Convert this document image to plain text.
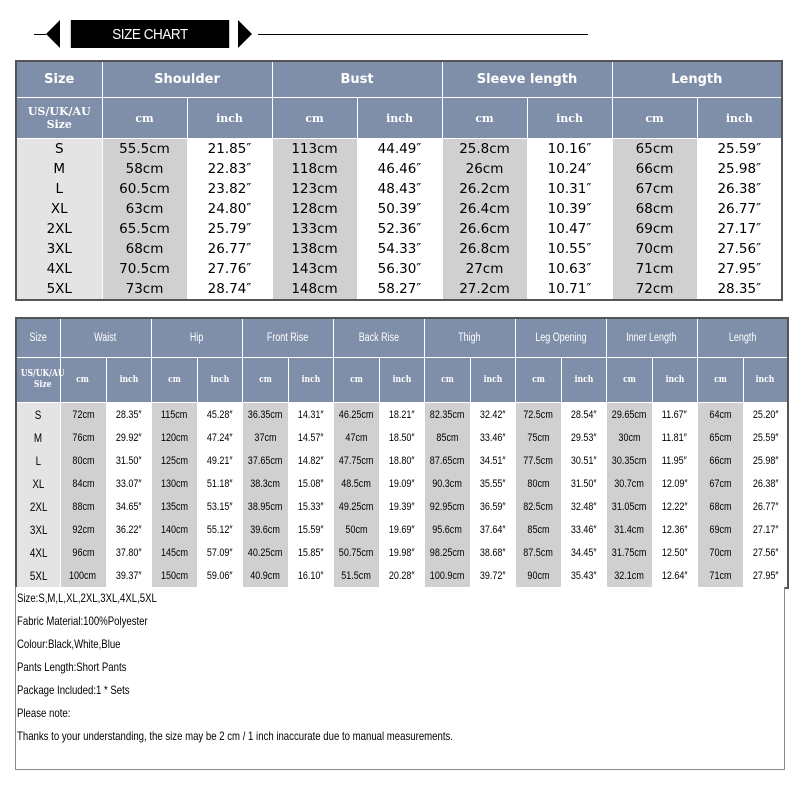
SIZE CHART
Size	Shoulder		Bust		Sleeve length		Length	
US/UK/AU Size	cm	inch	cm	inch	cm	inch	cm	inch
S	55.5cm	21.85″	113cm	44.49″	25.8cm	10.16″	65cm	25.59″
M	58cm	22.83″	118cm	46.46″	26cm	10.24″	66cm	25.98″
L	60.5cm	23.82″	123cm	48.43″	26.2cm	10.31″	67cm	26.38″
XL	63cm	24.80″	128cm	50.39″	26.4cm	10.39″	68cm	26.77″
2XL	65.5cm	25.79″	133cm	52.36″	26.6cm	10.47″	69cm	27.17″
3XL	68cm	26.77″	138cm	54.33″	26.8cm	10.55″	70cm	27.56″
4XL	70.5cm	27.76″	143cm	56.30″	27cm	10.63″	71cm	27.95″
5XL	73cm	28.74″	148cm	58.27″	27.2cm	10.71″	72cm	28.35″
Size	Waist		Hip		Front Rise		Back Rise		Thigh		Leg Opening		Inner Length		Length	
US/UK/AU Size	cm	inch	cm	inch	cm	inch	cm	inch	cm	inch	cm	inch	cm	inch	cm	inch
S	72cm	28.35″	115cm	45.28″	36.35cm	14.31″	46.25cm	18.21″	82.35cm	32.42″	72.5cm	28.54″	29.65cm	11.67″	64cm	25.20″
M	76cm	29.92″	120cm	47.24″	37cm	14.57″	47cm	18.50″	85cm	33.46″	75cm	29.53″	30cm	11.81″	65cm	25.59″
L	80cm	31.50″	125cm	49.21″	37.65cm	14.82″	47.75cm	18.80″	87.65cm	34.51″	77.5cm	30.51″	30.35cm	11.95″	66cm	25.98″
XL	84cm	33.07″	130cm	51.18″	38.3cm	15.08″	48.5cm	19.09″	90.3cm	35.55″	80cm	31.50″	30.7cm	12.09″	67cm	26.38″
2XL	88cm	34.65″	135cm	53.15″	38.95cm	15.33″	49.25cm	19.39″	92.95cm	36.59″	82.5cm	32.48″	31.05cm	12.22″	68cm	26.77″
3XL	92cm	36.22″	140cm	55.12″	39.6cm	15.59″	50cm	19.69″	95.6cm	37.64″	85cm	33.46″	31.4cm	12.36″	69cm	27.17″
4XL	96cm	37.80″	145cm	57.09″	40.25cm	15.85″	50.75cm	19.98″	98.25cm	38.68″	87.5cm	34.45″	31.75cm	12.50″	70cm	27.56″
5XL	100cm	39.37″	150cm	59.06″	40.9cm	16.10″	51.5cm	20.28″	100.9cm	39.72″	90cm	35.43″	32.1cm	12.64″	71cm	27.95″
Size:S,M,L,XL,2XL,3XL,4XL,5XL
Fabric Material:100%Polyester
Colour:Black,White,Blue
Pants Length:Short Pants
Package Included:1 * Sets
Please note:
Thanks to your understanding, the size may be 2 cm / 1 inch inaccurate due to manual measurements.
